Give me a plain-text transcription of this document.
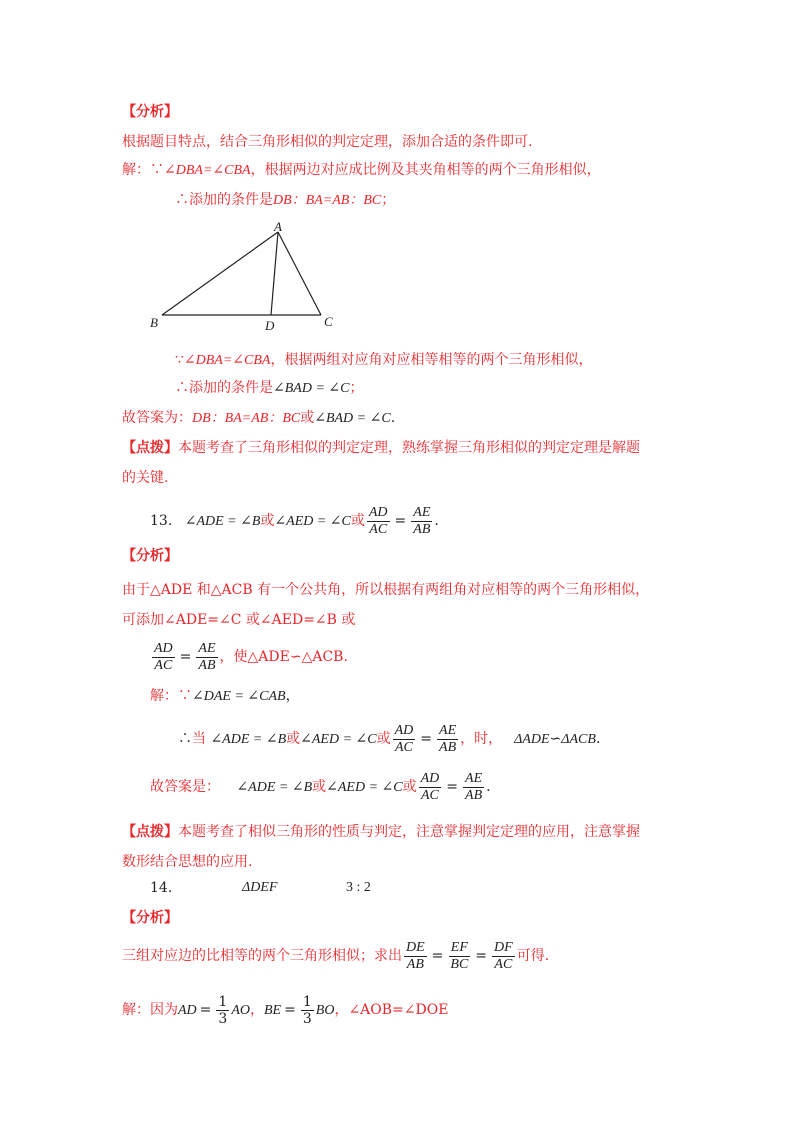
【分析】
根据题目特点，结合三角形相似的判定定理，添加合适的条件即可.
解：∵∠DBA=∠CBA，根据两边对应成比例及其夹角相等的两个三角形相似，
∴添加的条件是DB：BA=AB：BC；
A
B	C
D
∵∠DBA=∠CBA，根据两组对应角对应相等相等的两个三角形相似，
∴添加的条件是∠BAD = ∠C；
故答案为：DB：BA=AB：BC或∠BAD = ∠C.
【点拨】本题考查了三角形相似的判定定理，熟练掌握三角形相似的判定定理是解题
的关键.
13. ∠ADE = ∠B或∠AED = ∠C或 $\frac{AD}{AC} = \frac{AE}{AB}$ .
【分析】
由于△ADE 和△ACB 有一个公共角，所以根据有两组角对应相等的两个三角形相似，
可添加∠ADE=∠C 或∠AED=∠B 或
$\frac{AD}{AC} = \frac{AE}{AB}$ ，使△ADE∽△ACB.
解：∵∠DAE = ∠CAB，
∴当 ∠ADE = ∠B或∠AED = ∠C或 $\frac{AD}{AC} = \frac{AE}{AB}$ ，时， ΔADE∽ΔACB.
故答案是： ∠ADE = ∠B或∠AED = ∠C或 $\frac{AD}{AC} = \frac{AE}{AB}$ .
【点拨】本题考查了相似三角形的性质与判定，注意掌握判定定理的应用，注意掌握
数形结合思想的应用.
14.	ΔDEF	3 : 2
【分析】
三组对应边的比相等的两个三角形相似；求出 $\frac{DE}{AB} = \frac{EF}{BC} = \frac{DF}{AC}$ 可得.
解：因为AD = $\frac{1}{3}$ AO，BE = $\frac{1}{3}$ BO，∠AOB=∠DOE
